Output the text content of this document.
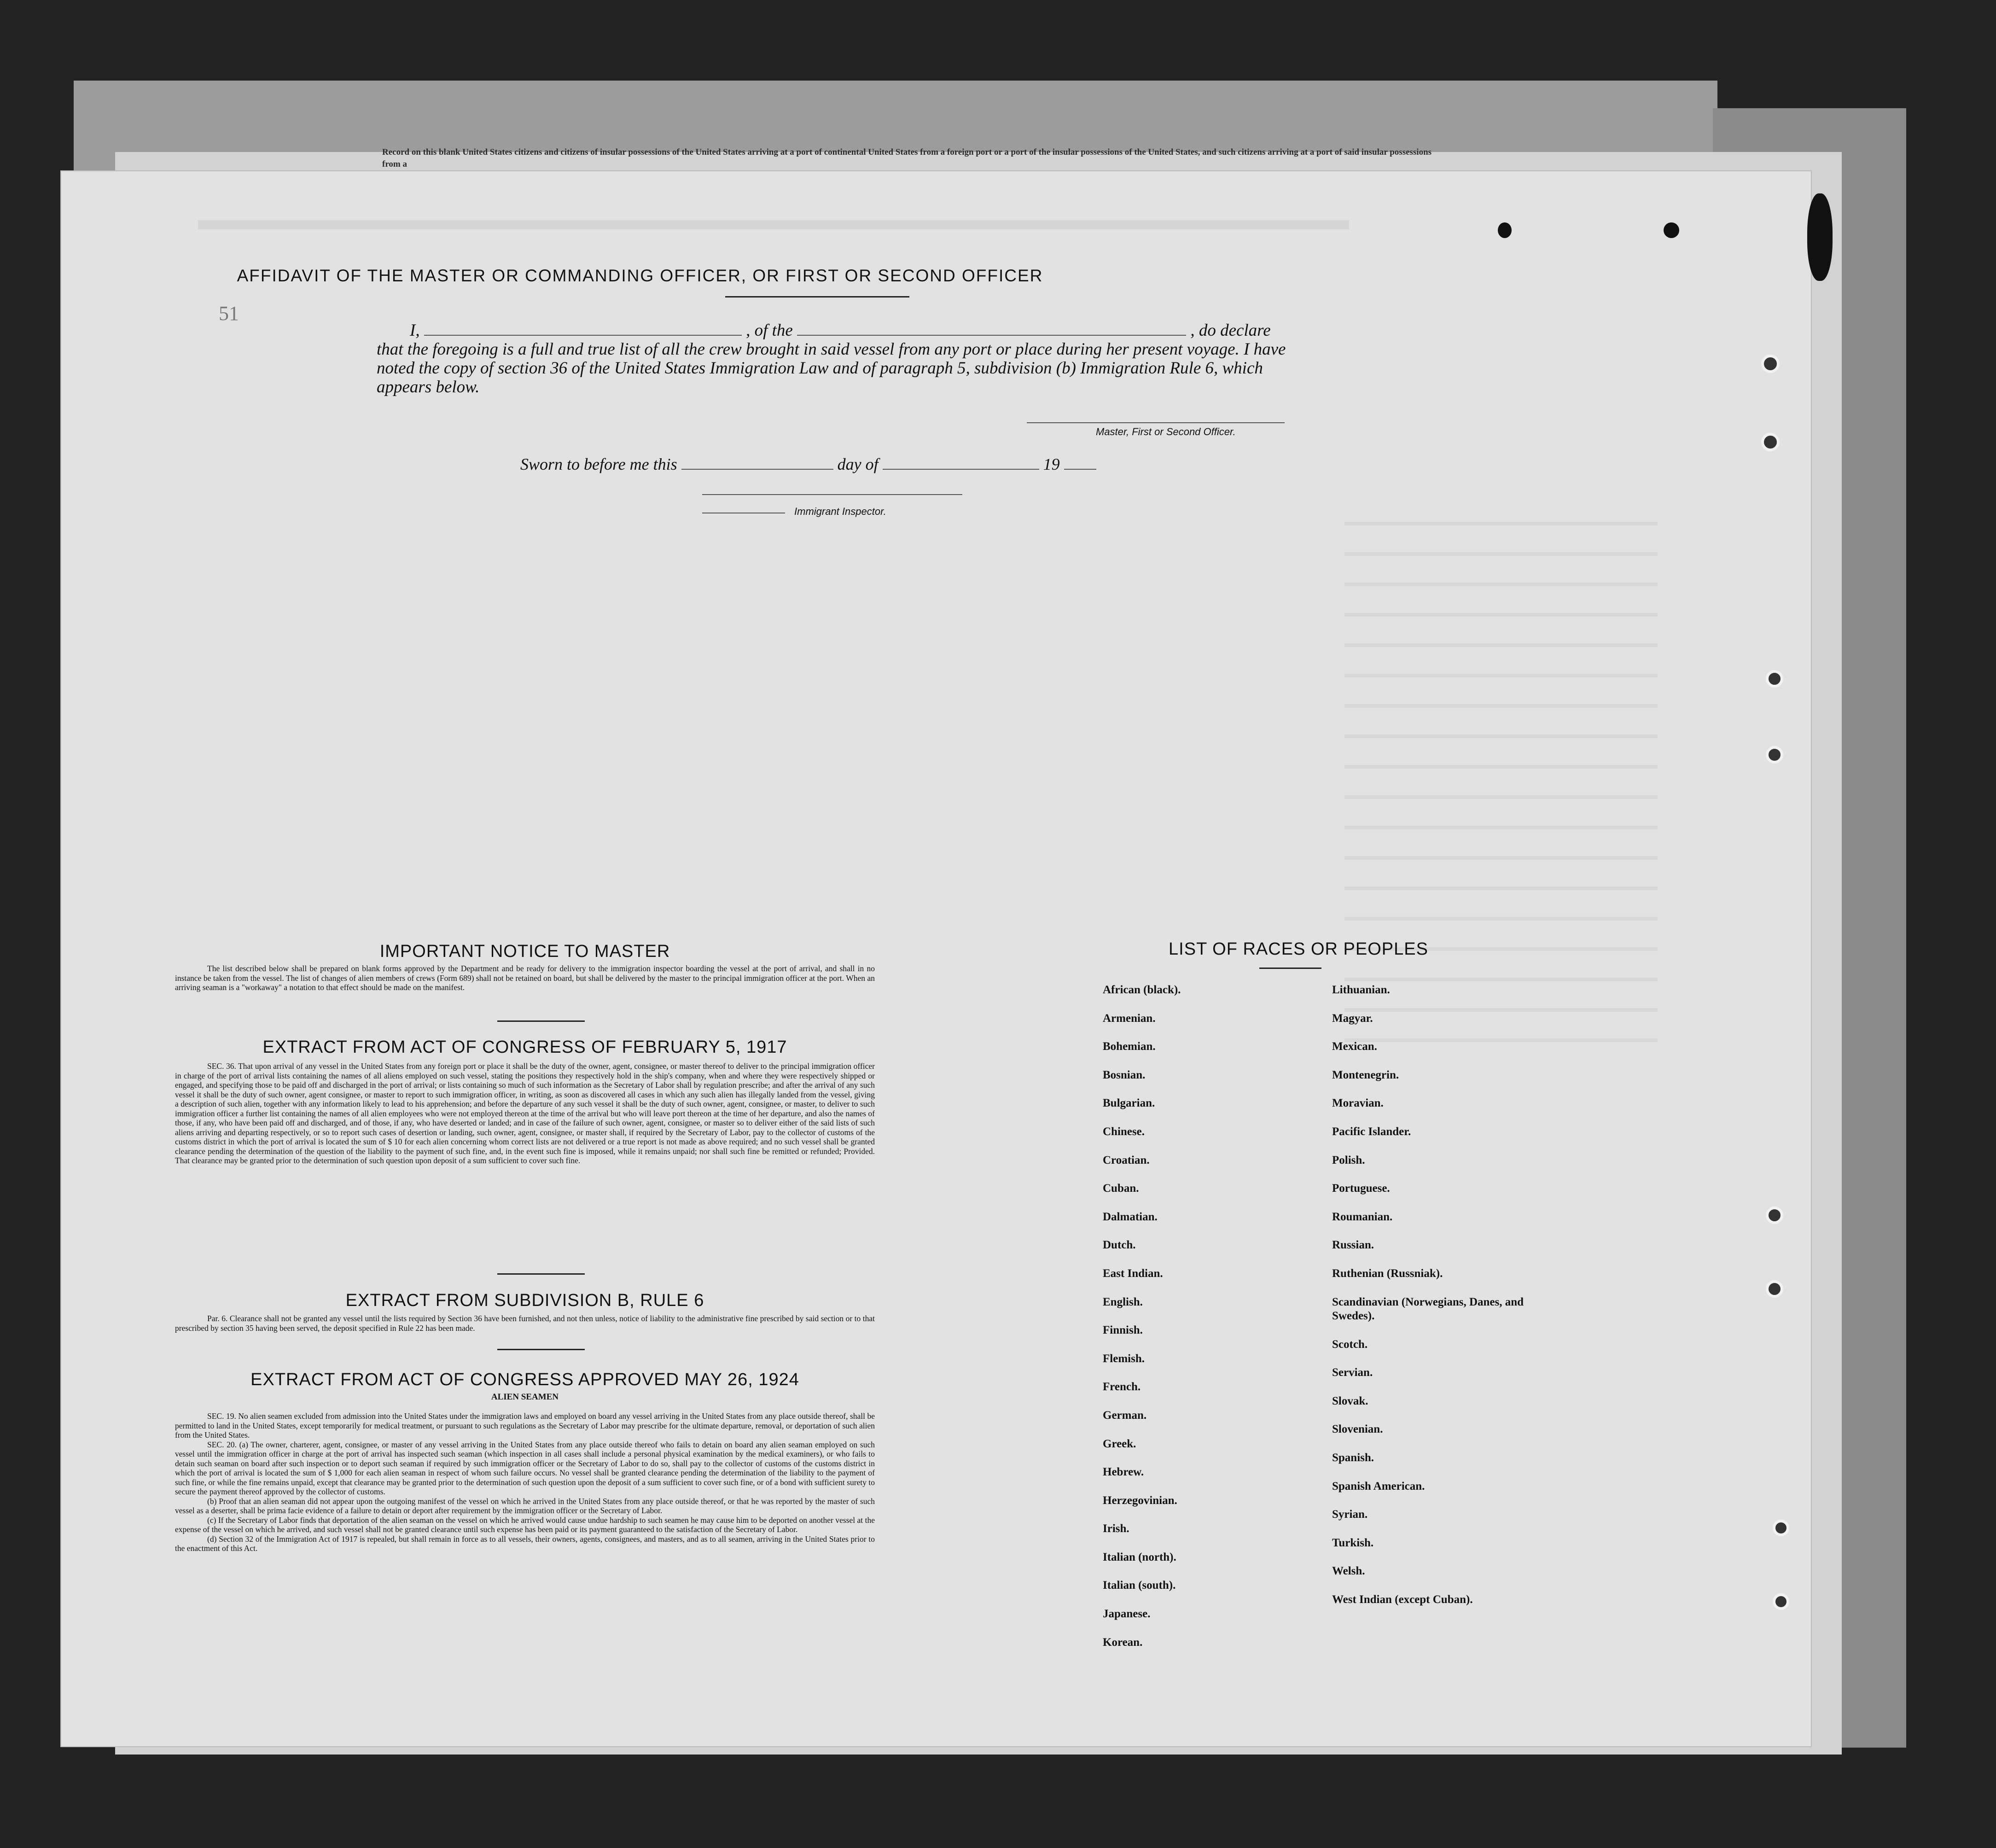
Record on this blank United States citizens and citizens of insular possessions of the United States arriving at a port of continental United States from a foreign port or a port of the insular possessions of the United States, and such citizens arriving at a port of said insular possessions from a
51
AFFIDAVIT OF THE MASTER OR COMMANDING OFFICER, OR FIRST OR SECOND OFFICER
I,	, of the	, do declare
that the foregoing is a full and true list of all the crew brought in said vessel from any port or place during her present voyage. I have noted the copy of section 36 of the United States Immigration Law and of paragraph 5, subdivision (b) Immigration Rule 6, which appears below.
Master, First or Second Officer.
Sworn to before me this	day of	19
Immigrant Inspector.
IMPORTANT NOTICE TO MASTER
The list described below shall be prepared on blank forms approved by the Department and be ready for delivery to the immigration inspector boarding the vessel at the port of arrival, and shall in no instance be taken from the vessel. The list of changes of alien members of crews (Form 689) shall not be retained on board, but shall be delivered by the master to the principal immigration officer at the port. When an arriving seaman is a "workaway" a notation to that effect should be made on the manifest.
EXTRACT FROM ACT OF CONGRESS OF FEBRUARY 5, 1917
SEC. 36. That upon arrival of any vessel in the United States from any foreign port or place it shall be the duty of the owner, agent, consignee, or master thereof to deliver to the principal immigration officer in charge of the port of arrival lists containing the names of all aliens employed on such vessel, stating the positions they respectively hold in the ship's company, when and where they were respectively shipped or engaged, and specifying those to be paid off and discharged in the port of arrival; or lists containing so much of such information as the Secretary of Labor shall by regulation prescribe; and after the arrival of any such vessel it shall be the duty of such owner, agent consignee, or master to report to such immigration officer, in writing, as soon as discovered all cases in which any such alien has illegally landed from the vessel, giving a description of such alien, together with any information likely to lead to his apprehension; and before the departure of any such vessel it shall be the duty of such owner, agent, consignee, or master, to deliver to such immigration officer a further list containing the names of all alien employees who were not employed thereon at the time of the arrival but who will leave port thereon at the time of her departure, and also the names of those, if any, who have been paid off and discharged, and of those, if any, who have deserted or landed; and in case of the failure of such owner, agent, consignee, or master so to deliver either of the said lists of such aliens arriving and departing respectively, or so to report such cases of desertion or landing, such owner, agent, consignee, or master shall, if required by the Secretary of Labor, pay to the collector of customs of the customs district in which the port of arrival is located the sum of $ 10 for each alien concerning whom correct lists are not delivered or a true report is not made as above required; and no such vessel shall be granted clearance pending the determination of the question of the liability to the payment of such fine, and, in the event such fine is imposed, while it remains unpaid; nor shall such fine be remitted or refunded; Provided. That clearance may be granted prior to the determination of such question upon deposit of a sum sufficient to cover such fine.
EXTRACT FROM SUBDIVISION B, RULE 6
Par. 6. Clearance shall not be granted any vessel until the lists required by Section 36 have been furnished, and not then unless, notice of liability to the administrative fine prescribed by said section or to that prescribed by section 35 having been served, the deposit specified in Rule 22 has been made.
EXTRACT FROM ACT OF CONGRESS APPROVED MAY 26, 1924
ALIEN SEAMEN
SEC. 19. No alien seamen excluded from admission into the United States under the immigration laws and employed on board any vessel arriving in the United States from any place outside thereof, shall be permitted to land in the United States, except temporarily for medical treatment, or pursuant to such regulations as the Secretary of Labor may prescribe for the ultimate departure, removal, or deportation of such alien from the United States.
SEC. 20. (a) The owner, charterer, agent, consignee, or master of any vessel arriving in the United States from any place outside thereof who fails to detain on board any alien seaman employed on such vessel until the immigration officer in charge at the port of arrival has inspected such seaman (which inspection in all cases shall include a personal physical examination by the medical examiners), or who fails to detain such seaman on board after such inspection or to deport such seaman if required by such immigration officer or the Secretary of Labor to do so, shall pay to the collector of customs of the customs district in which the port of arrival is located the sum of $ 1,000 for each alien seaman in respect of whom such failure occurs. No vessel shall be granted clearance pending the determination of the liability to the payment of such fine, or while the fine remains unpaid, except that clearance may be granted prior to the determination of such question upon the deposit of a sum sufficient to cover such fine, or of a bond with sufficient surety to secure the payment thereof approved by the collector of customs.
(b) Proof that an alien seaman did not appear upon the outgoing manifest of the vessel on which he arrived in the United States from any place outside thereof, or that he was reported by the master of such vessel as a deserter, shall be prima facie evidence of a failure to detain or deport after requirement by the immigration officer or the Secretary of Labor.
(c) If the Secretary of Labor finds that deportation of the alien seaman on the vessel on which he arrived would cause undue hardship to such seamen he may cause him to be deported on another vessel at the expense of the vessel on which he arrived, and such vessel shall not be granted clearance until such expense has been paid or its payment guaranteed to the satisfaction of the Secretary of Labor.
(d) Section 32 of the Immigration Act of 1917 is repealed, but shall remain in force as to all vessels, their owners, agents, consignees, and masters, and as to all seamen, arriving in the United States prior to the enactment of this Act.
LIST OF RACES OR PEOPLES
African (black).
Armenian.
Bohemian.
Bosnian.
Bulgarian.
Chinese.
Croatian.
Cuban.
Dalmatian.
Dutch.
East Indian.
English.
Finnish.
Flemish.
French.
German.
Greek.
Hebrew.
Herzegovinian.
Irish.
Italian (north).
Italian (south).
Japanese.
Korean.
Lithuanian.
Magyar.
Mexican.
Montenegrin.
Moravian.
Pacific Islander.
Polish.
Portuguese.
Roumanian.
Russian.
Ruthenian (Russniak).
Scandinavian (Norwegians, Danes, and Swedes).
Scotch.
Servian.
Slovak.
Slovenian.
Spanish.
Spanish American.
Syrian.
Turkish.
Welsh.
West Indian (except Cuban).
